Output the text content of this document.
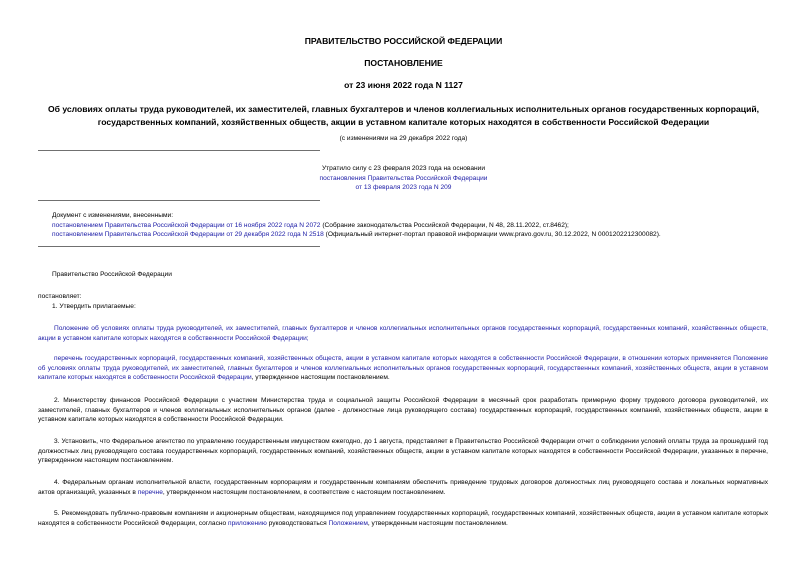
ПРАВИТЕЛЬСТВО РОССИЙСКОЙ ФЕДЕРАЦИИ
ПОСТАНОВЛЕНИЕ
от 23 июня 2022 года N 1127
Об условиях оплаты труда руководителей, их заместителей, главных бухгалтеров и членов коллегиальных исполнительных органов государственных корпораций, государственных компаний, хозяйственных обществ, акции в уставном капитале которых находятся в собственности Российской Федерации
(с изменениями на 29 декабря 2022 года)
Утратило силу с 23 февраля 2023 года на основании
постановления Правительства Российской Федерации
от 13 февраля 2023 года N 209
Документ с изменениями, внесенными:
постановлением Правительства Российской Федерации от 16 ноября 2022 года N 2072 (Собрание законодательства Российской Федерации, N 48, 28.11.2022, ст.8462);
постановлением Правительства Российской Федерации от 29 декабря 2022 года N 2518 (Официальный интернет-портал правовой информации www.pravo.gov.ru, 30.12.2022, N 0001202212300082).
Правительство Российской Федерации
постановляет:
1. Утвердить прилагаемые:
Положение об условиях оплаты труда руководителей, их заместителей, главных бухгалтеров и членов коллегиальных исполнительных органов государственных корпораций, государственных компаний, хозяйственных обществ, акции в уставном капитале которых находятся в собственности Российской Федерации;
перечень государственных корпораций, государственных компаний, хозяйственных обществ, акции в уставном капитале которых находятся в собственности Российской Федерации, в отношении которых применяется Положение об условиях оплаты труда руководителей, их заместителей, главных бухгалтеров и членов коллегиальных исполнительных органов государственных корпораций, государственных компаний, хозяйственных обществ, акции в уставном капитале которых находятся в собственности Российской Федерации, утвержденное настоящим постановлением.
2. Министерству финансов Российской Федерации с участием Министерства труда и социальной защиты Российской Федерации в месячный срок разработать примерную форму трудового договора руководителей, их заместителей, главных бухгалтеров и членов коллегиальных исполнительных органов (далее - должностные лица руководящего состава) государственных корпораций, государственных компаний, хозяйственных обществ, акции в уставном капитале которых находятся в собственности Российской Федерации.
3. Установить, что Федеральное агентство по управлению государственным имуществом ежегодно, до 1 августа, представляет в Правительство Российской Федерации отчет о соблюдении условий оплаты труда за прошедший год должностных лиц руководящего состава государственных корпораций, государственных компаний, хозяйственных обществ, акции в уставном капитале которых находятся в собственности Российской Федерации, указанных в перечне, утвержденном настоящим постановлением.
4. Федеральным органам исполнительной власти, государственным корпорациям и государственным компаниям обеспечить приведение трудовых договоров должностных лиц руководящего состава и локальных нормативных актов организаций, указанных в перечне, утвержденном настоящим постановлением, в соответствие с настоящим постановлением.
5. Рекомендовать публично-правовым компаниям и акционерным обществам, находящимся под управлением государственных корпораций, государственных компаний, хозяйственных обществ, акции в уставном капитале которых находятся в собственности Российской Федерации, согласно приложению руководствоваться Положением, утвержденным настоящим постановлением.
